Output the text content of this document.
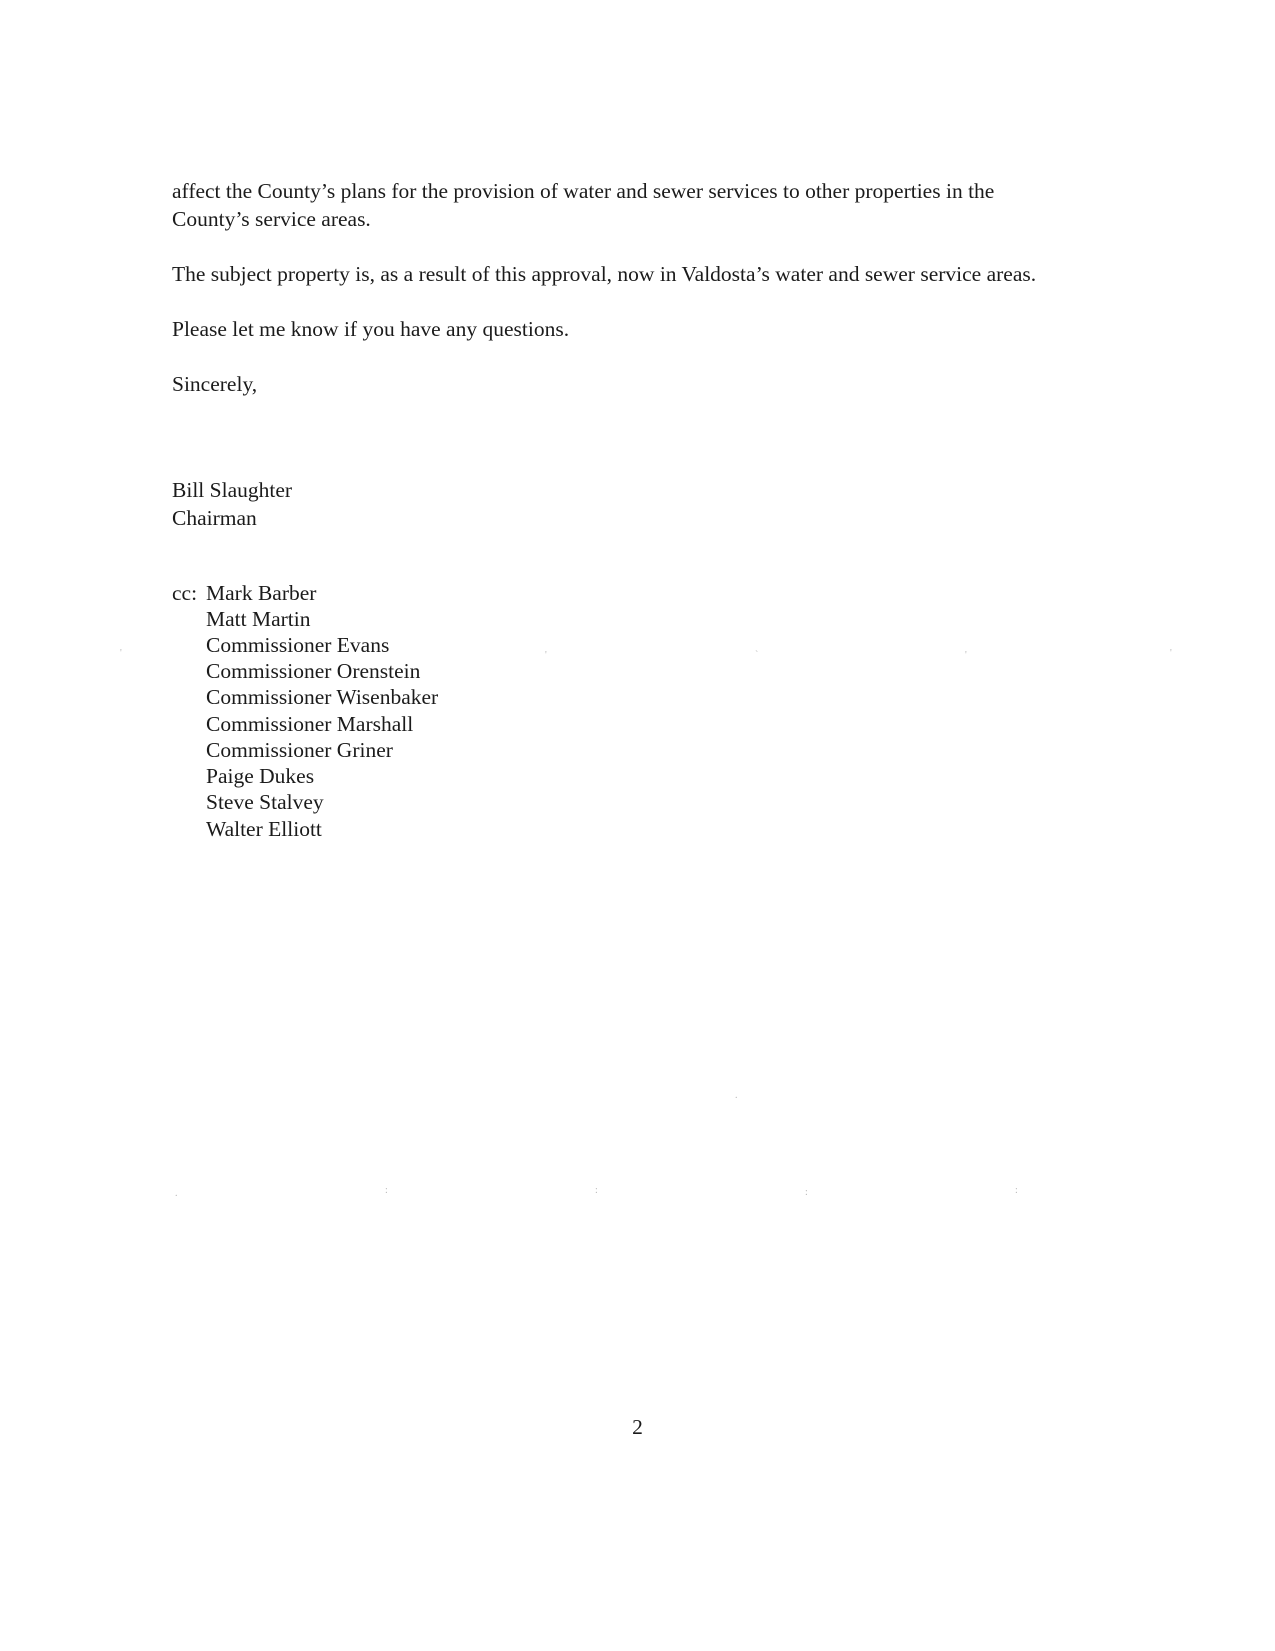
affect the County’s plans for the provision of water and sewer services to other properties in the County’s service areas.

The subject property is, as a result of this approval, now in Valdosta’s water and sewer service areas.

Please let me know if you have any questions.

Sincerely,

Bill Slaughter
Chairman
cc: Mark Barber
Matt Martin
Commissioner Evans
Commissioner Orenstein
Commissioner Wisenbaker
Commissioner Marshall
Commissioner Griner
Paige Dukes
Steve Stalvey
Walter Elliott
2
'	'	`	'	'
.
.	:	:	:	:
